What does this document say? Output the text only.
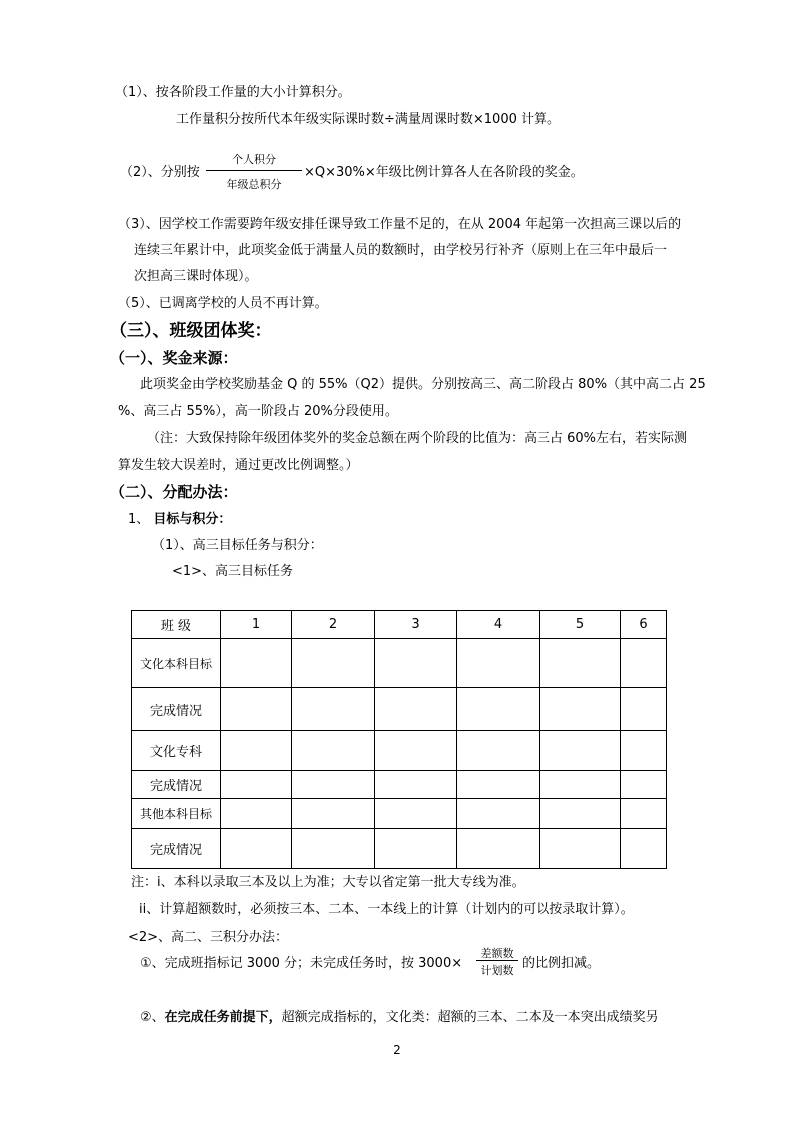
（1）、按各阶段工作量的大小计算积分。
工作量积分按所代本年级实际课时数÷满量周课时数×1000 计算。
（2）、分别按
个人积分
年级总积分
×Q×30%×年级比例计算各人在各阶段的奖金。
（3）、因学校工作需要跨年级安排任课导致工作量不足的，在从 2004 年起第一次担高三课以后的
连续三年累计中，此项奖金低于满量人员的数额时，由学校另行补齐（原则上在三年中最后一
次担高三课时体现）。
（5）、已调离学校的人员不再计算。
（三）、班级团体奖：
（一）、奖金来源：
此项奖金由学校奖励基金 Q 的 55%（Q2）提供。分别按高三、高二阶段占 80%（其中高二占 25
%、高三占 55%），高一阶段占 20%分段使用。
（注：大致保持除年级团体奖外的奖金总额在两个阶段的比值为：高三占 60%左右，若实际测
算发生较大误差时，通过更改比例调整。）
（二）、分配办法：
1、 目标与积分：
（1）、高三目标任务与积分：
<1>、高三目标任务
班 级	1	2	3	4	5	6
文化本科目标						
完成情况						
文化专科						
完成情况						
其他本科目标						
完成情况						
注：i、本科以录取三本及以上为准；大专以省定第一批大专线为准。
ii、计算超额数时，必须按三本、二本、一本线上的计算（计划内的可以按录取计算）。
<2>、高二、三积分办法：
①、完成班指标记 3000 分；未完成任务时，按 3000×
差额数
计划数 的比例扣减。
②、在完成任务前提下，超额完成指标的，文化类：超额的三本、二本及一本突出成绩奖另
2
